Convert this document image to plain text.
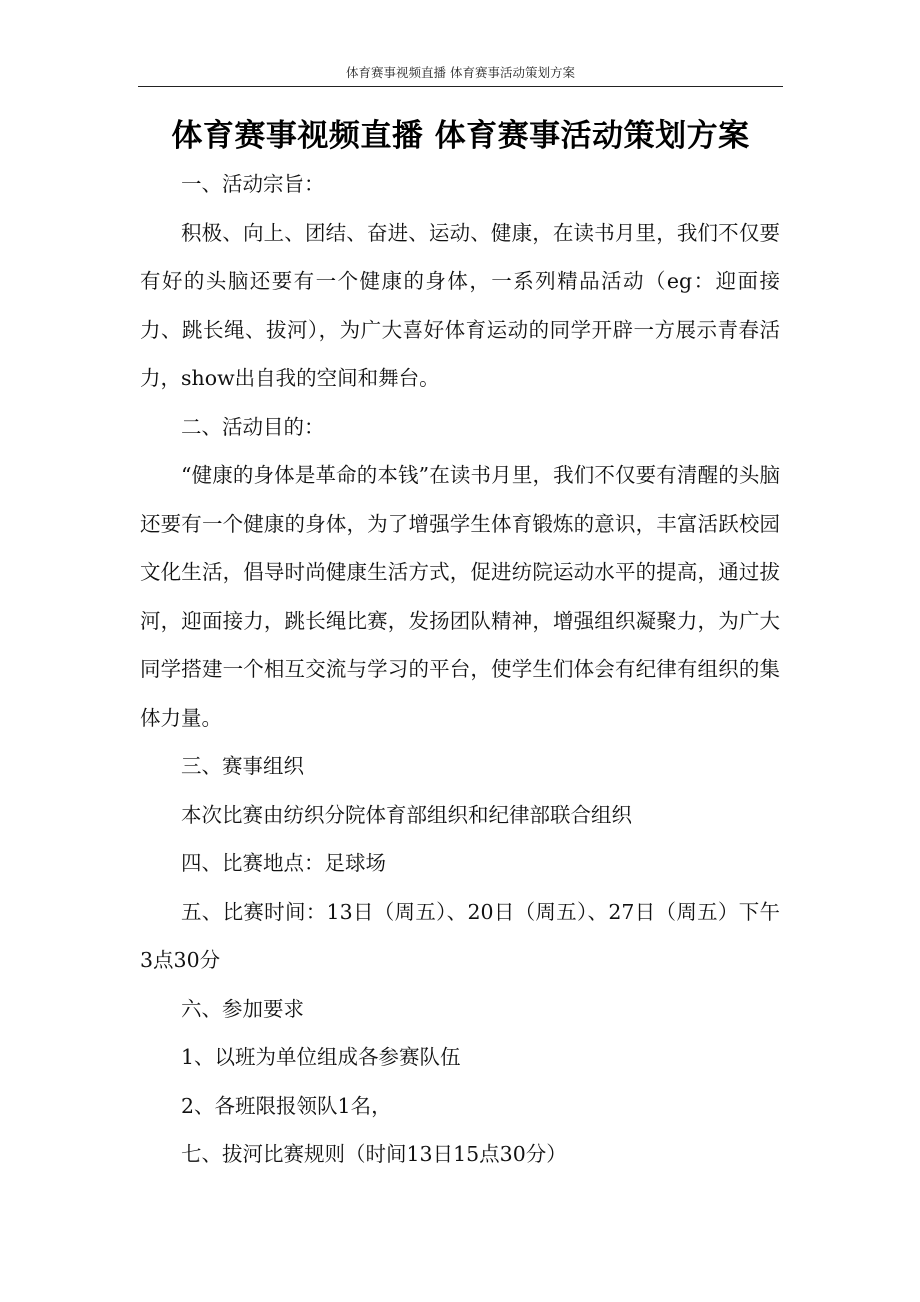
体育赛事视频直播 体育赛事活动策划方案
体育赛事视频直播 体育赛事活动策划方案

一、活动宗旨：

积极、向上、团结、奋进、运动、健康，在读书月里，我们不仅要有好的头脑还要有一个健康的身体，一系列精品活动（eg：迎面接力、跳长绳、拔河），为广大喜好体育运动的同学开辟一方展示青春活力，show出自我的空间和舞台。

二、活动目的：

“健康的身体是革命的本钱”在读书月里，我们不仅要有清醒的头脑还要有一个健康的身体，为了增强学生体育锻炼的意识，丰富活跃校园文化生活，倡导时尚健康生活方式，促进纺院运动水平的提高，通过拔河，迎面接力，跳长绳比赛，发扬团队精神，增强组织凝聚力，为广大同学搭建一个相互交流与学习的平台，使学生们体会有纪律有组织的集体力量。

三、赛事组织

本次比赛由纺织分院体育部组织和纪律部联合组织

四、比赛地点：足球场

五、比赛时间：13日（周五）、20日（周五）、27日（周五）下午3点30分

六、参加要求

1、以班为单位组成各参赛队伍

2、各班限报领队1名，

七、拔河比赛规则（时间13日15点30分）
